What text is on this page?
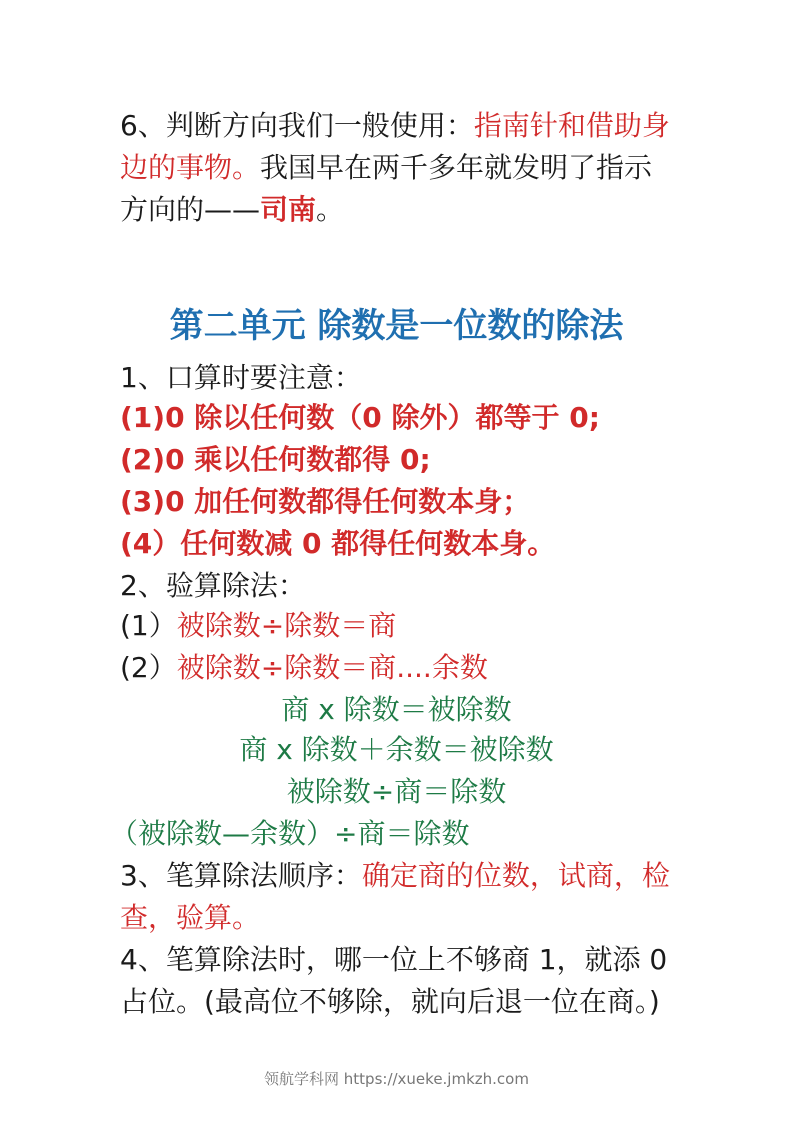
6、判断方向我们一般使用：指南针和借助身
边的事物。我国早在两千多年就发明了指示
方向的——司南。
第二单元 除数是一位数的除法
1、口算时要注意：
(1)0 除以任何数（0 除外）都等于 0;
(2)0 乘以任何数都得 0;
(3)0 加任何数都得任何数本身；
(4）任何数减 0 都得任何数本身。
2、验算除法：
(1）被除数÷除数＝商
(2）被除数÷除数＝商....余数
商 x 除数＝被除数
商 x 除数＋余数＝被除数
被除数÷商＝除数
（被除数—余数）÷商＝除数
3、笔算除法顺序：确定商的位数，试商，检
查，验算。
4、笔算除法时，哪一位上不够商 1，就添 0
占位。(最高位不够除，就向后退一位在商。)
领航学科网 https://xueke.jmkzh.com
